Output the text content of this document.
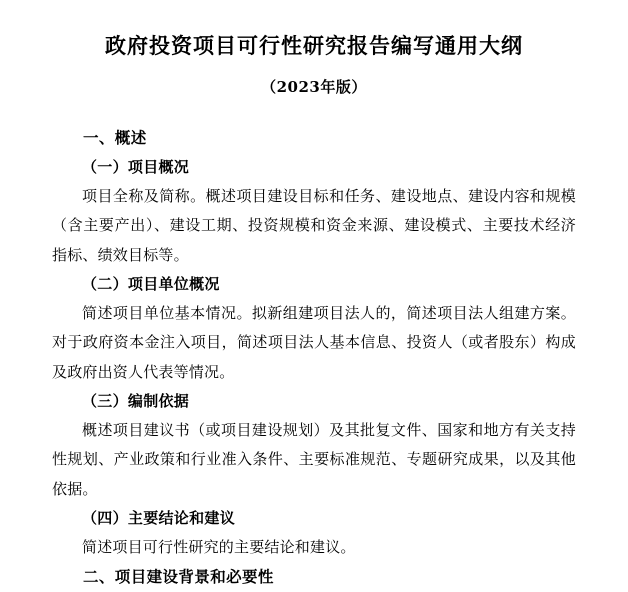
政府投资项目可行性研究报告编写通用大纲
（2023年版）
一、概述
（一）项目概况
项目全称及简称。概述项目建设目标和任务、建设地点、建设内容和规模（含主要产出）、建设工期、投资规模和资金来源、建设模式、主要技术经济指标、绩效目标等。
（二）项目单位概况
简述项目单位基本情况。拟新组建项目法人的，简述项目法人组建方案。对于政府资本金注入项目，简述项目法人基本信息、投资人（或者股东）构成及政府出资人代表等情况。
（三）编制依据
概述项目建议书（或项目建设规划）及其批复文件、国家和地方有关支持性规划、产业政策和行业准入条件、主要标准规范、专题研究成果，以及其他依据。
（四）主要结论和建议
简述项目可行性研究的主要结论和建议。
二、项目建设背景和必要性
